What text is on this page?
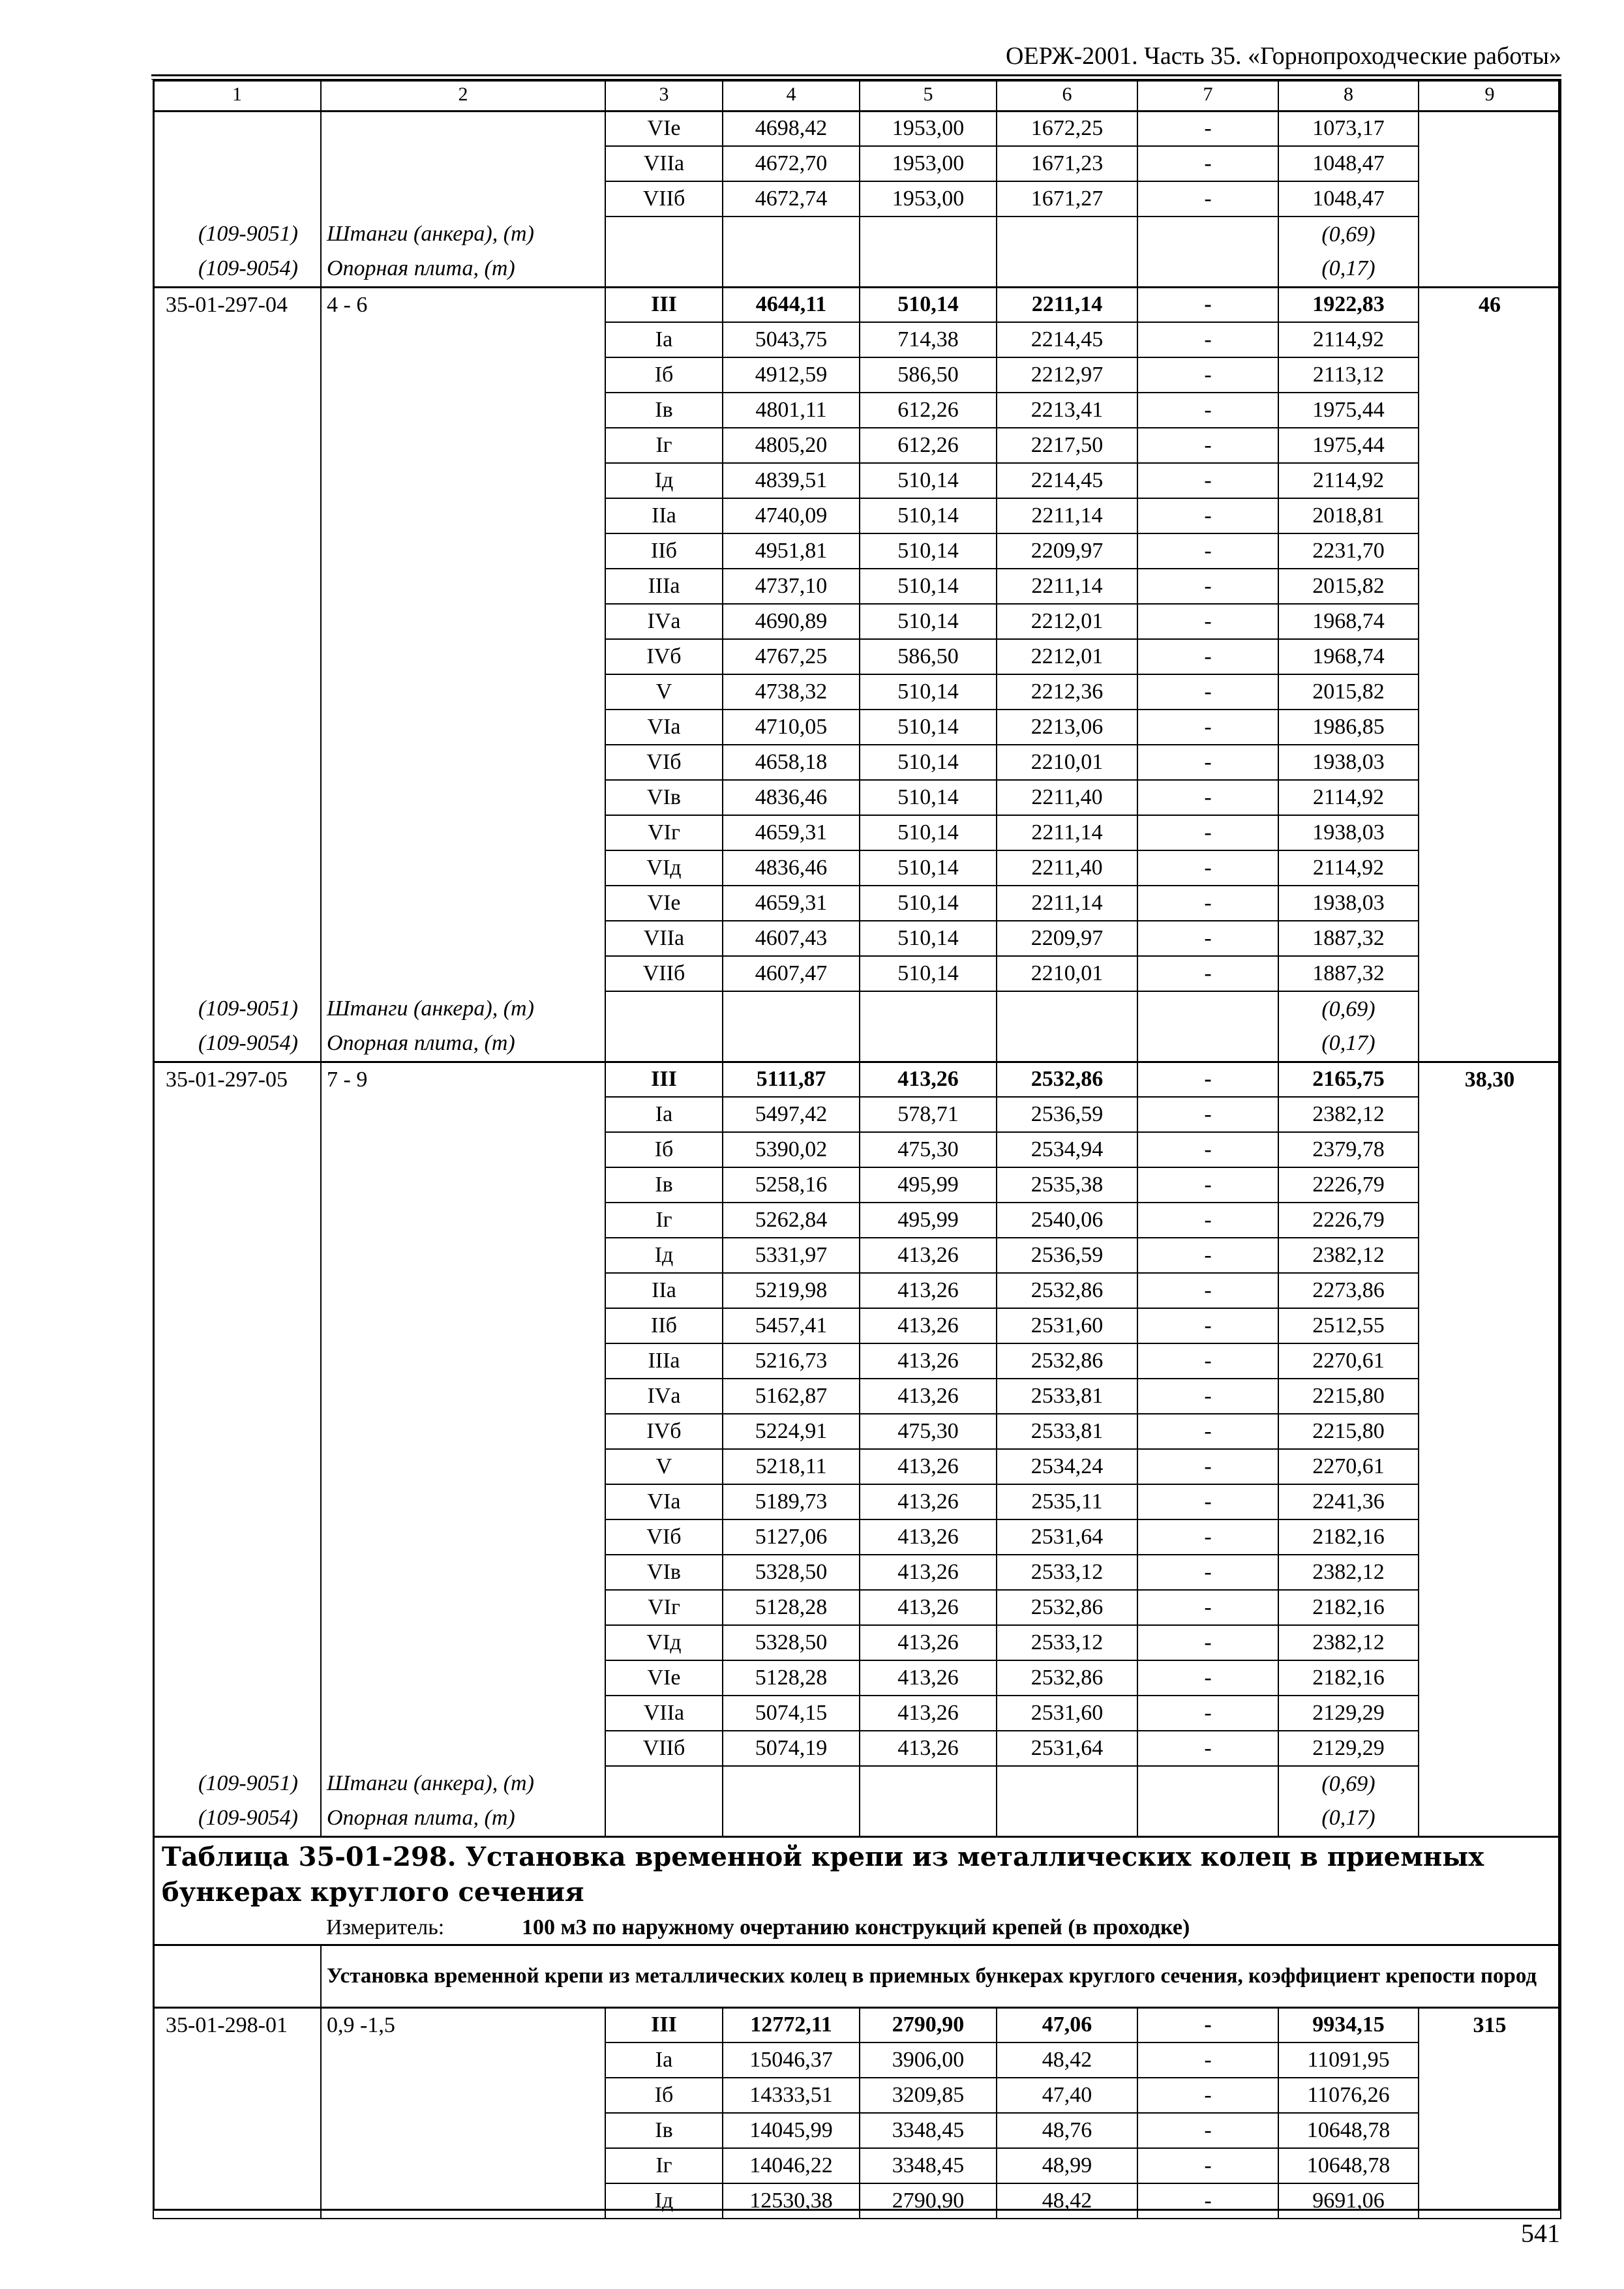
ОЕРЖ-2001. Часть 35. «Горнопроходческие работы»
1	2	3	4	5	6	7	8	9
		VIе	4698,42	1953,00	1672,25	-	1073,17	
		VIIа	4672,70	1953,00	1671,23	-	1048,47	
		VIIб	4672,74	1953,00	1671,27	-	1048,47	
(109-9051)	Штанги (анкера), (т)						(0,69)	
(109-9054)	Опорная плита, (т)						(0,17)	
35-01-297-04	4 - 6	III	4644,11	510,14	2211,14	-	1922,83	46
		Iа	5043,75	714,38	2214,45	-	2114,92	
		Iб	4912,59	586,50	2212,97	-	2113,12	
		Iв	4801,11	612,26	2213,41	-	1975,44	
		Iг	4805,20	612,26	2217,50	-	1975,44	
		Iд	4839,51	510,14	2214,45	-	2114,92	
		IIа	4740,09	510,14	2211,14	-	2018,81	
		IIб	4951,81	510,14	2209,97	-	2231,70	
		IIIа	4737,10	510,14	2211,14	-	2015,82	
		IVа	4690,89	510,14	2212,01	-	1968,74	
		IVб	4767,25	586,50	2212,01	-	1968,74	
		V	4738,32	510,14	2212,36	-	2015,82	
		VIа	4710,05	510,14	2213,06	-	1986,85	
		VIб	4658,18	510,14	2210,01	-	1938,03	
		VIв	4836,46	510,14	2211,40	-	2114,92	
		VIг	4659,31	510,14	2211,14	-	1938,03	
		VIд	4836,46	510,14	2211,40	-	2114,92	
		VIе	4659,31	510,14	2211,14	-	1938,03	
		VIIа	4607,43	510,14	2209,97	-	1887,32	
		VIIб	4607,47	510,14	2210,01	-	1887,32	
(109-9051)	Штанги (анкера), (т)						(0,69)	
(109-9054)	Опорная плита, (т)						(0,17)	
35-01-297-05	7 - 9	III	5111,87	413,26	2532,86	-	2165,75	38,30
		Iа	5497,42	578,71	2536,59	-	2382,12	
		Iб	5390,02	475,30	2534,94	-	2379,78	
		Iв	5258,16	495,99	2535,38	-	2226,79	
		Iг	5262,84	495,99	2540,06	-	2226,79	
		Iд	5331,97	413,26	2536,59	-	2382,12	
		IIа	5219,98	413,26	2532,86	-	2273,86	
		IIб	5457,41	413,26	2531,60	-	2512,55	
		IIIа	5216,73	413,26	2532,86	-	2270,61	
		IVа	5162,87	413,26	2533,81	-	2215,80	
		IVб	5224,91	475,30	2533,81	-	2215,80	
		V	5218,11	413,26	2534,24	-	2270,61	
		VIа	5189,73	413,26	2535,11	-	2241,36	
		VIб	5127,06	413,26	2531,64	-	2182,16	
		VIв	5328,50	413,26	2533,12	-	2382,12	
		VIг	5128,28	413,26	2532,86	-	2182,16	
		VIд	5328,50	413,26	2533,12	-	2382,12	
		VIе	5128,28	413,26	2532,86	-	2182,16	
		VIIа	5074,15	413,26	2531,60	-	2129,29	
		VIIб	5074,19	413,26	2531,64	-	2129,29	
(109-9051)	Штанги (анкера), (т)						(0,69)	
(109-9054)	Опорная плита, (т)						(0,17)	
Таблица 35-01-298. Установка временной крепи из металлических колец в приемных бункерах круглого сечения								
	Измеритель: 100 м3 по наружному очертанию конструкций крепей (в проходке)							
	Установка временной крепи из металлических колец в приемных бункерах круглого сечения, коэффициент крепости пород							
35-01-298-01	0,9 -1,5	III	12772,11	2790,90	47,06	-	9934,15	315
		Iа	15046,37	3906,00	48,42	-	11091,95	
		Iб	14333,51	3209,85	47,40	-	11076,26	
		Iв	14045,99	3348,45	48,76	-	10648,78	
		Iг	14046,22	3348,45	48,99	-	10648,78	
		Iд	12530,38	2790,90	48,42	-	9691,06	
541
